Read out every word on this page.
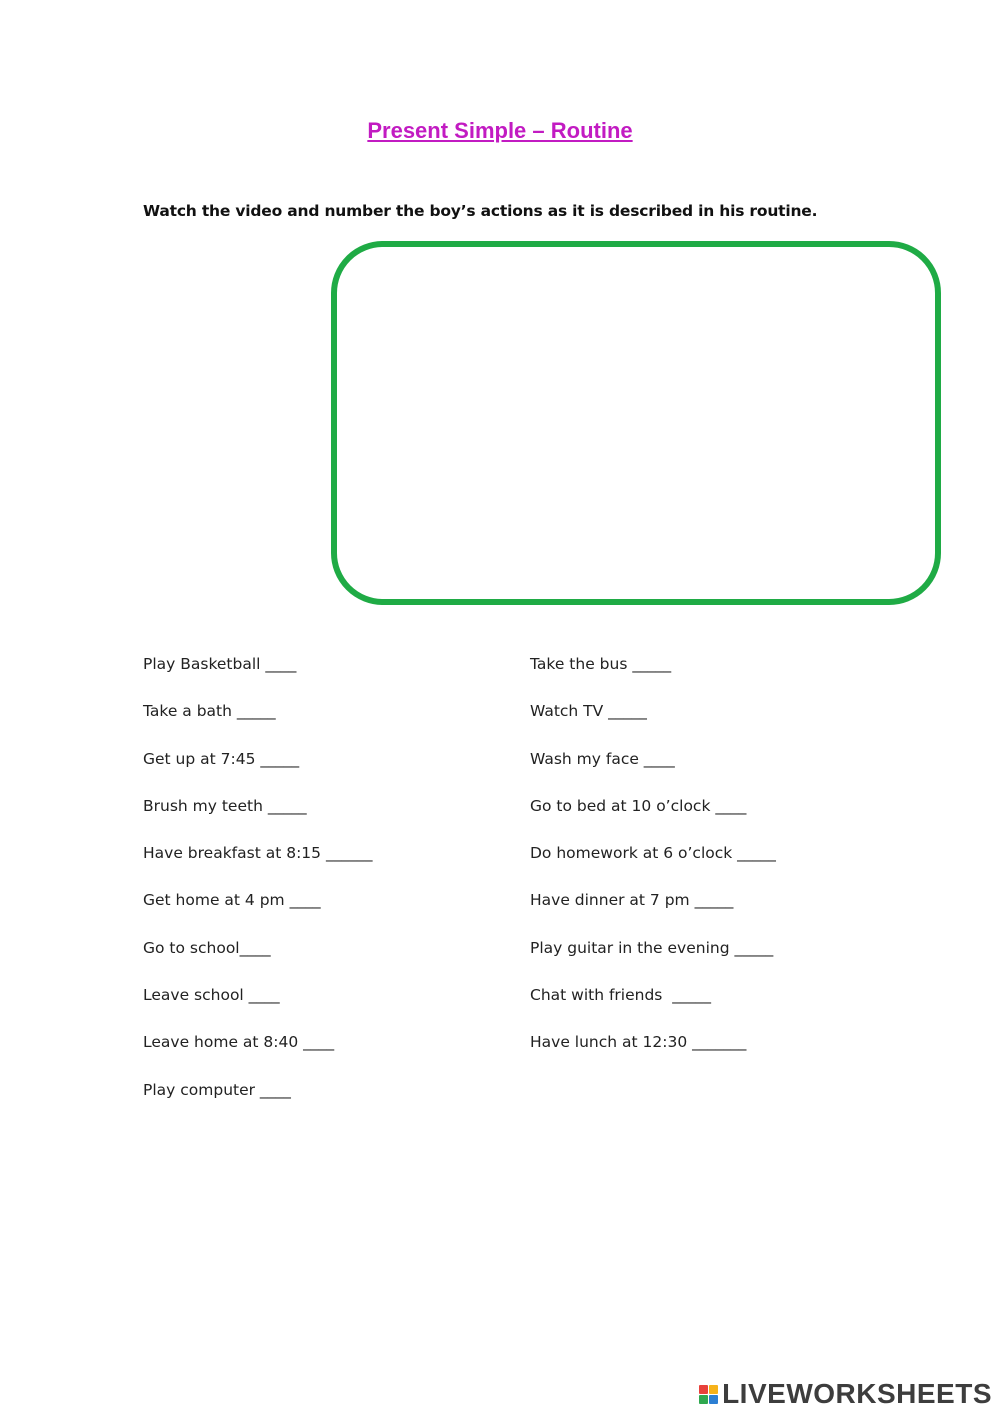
Present Simple – Routine
Watch the video and number the boy’s actions as it is described in his routine.
Play Basketball ____
Take a bath _____
Get up at 7:45 _____
Brush my teeth _____
Have breakfast at 8:15 ______
Get home at 4 pm ____
Go to school____
Leave school ____
Leave home at 8:40 ____
Play computer ____
Take the bus _____
Watch TV _____
Wash my face ____
Go to bed at 10 o’clock ____
Do homework at 6 o’clock _____
Have dinner at 7 pm _____
Play guitar in the evening _____
Chat with friends  _____
Have lunch at 12:30 _______
LIVEWORKSHEETS
